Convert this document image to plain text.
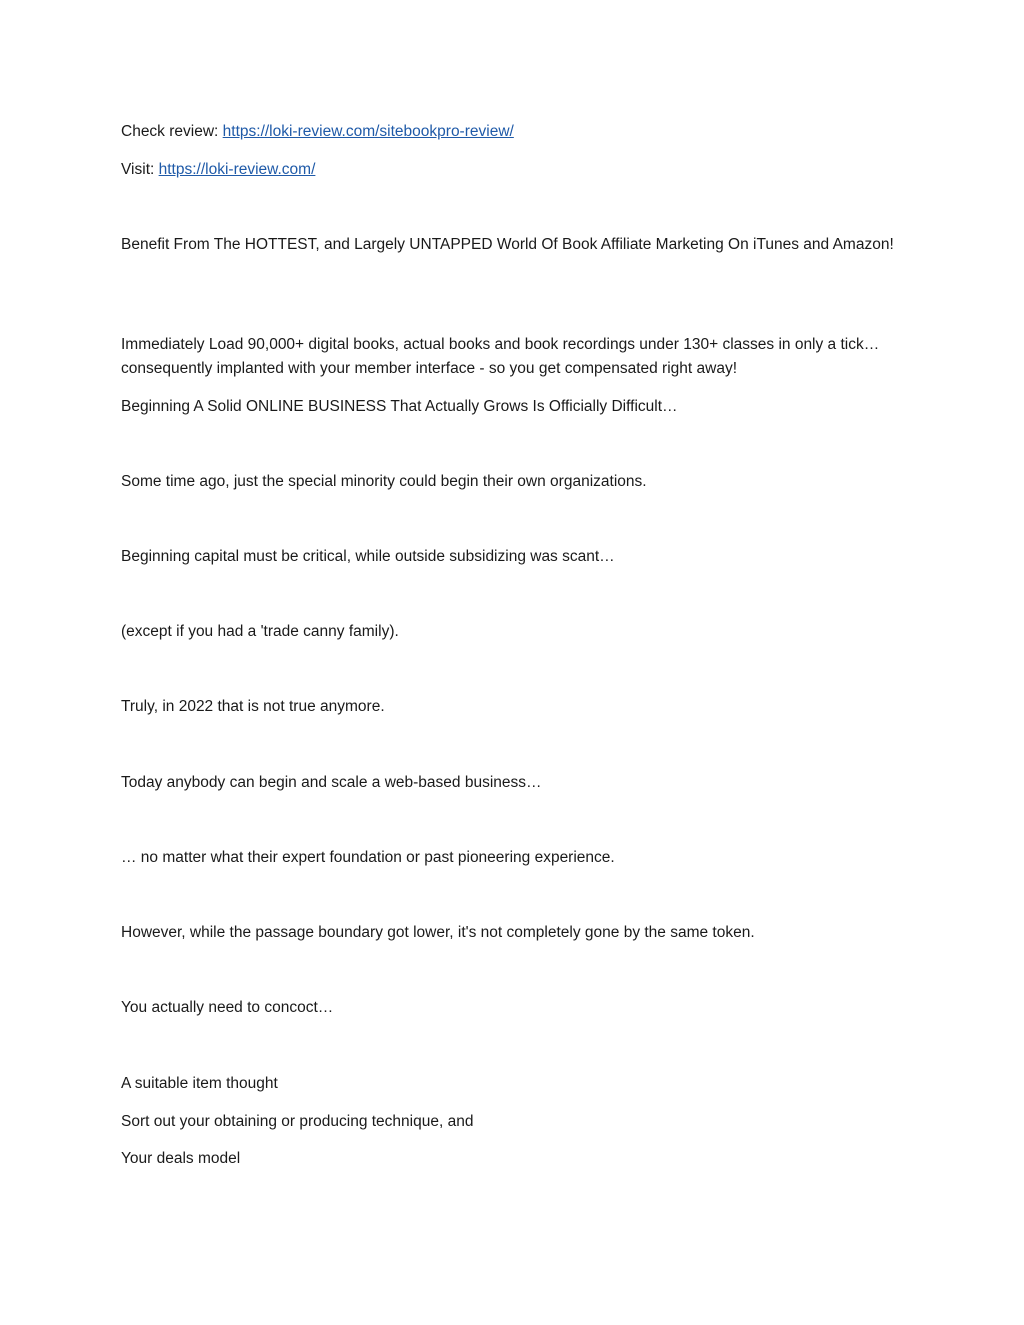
Check review: https://loki-review.com/sitebookpro-review/
Visit: https://loki-review.com/
Benefit From The HOTTEST, and Largely UNTAPPED World Of Book Affiliate Marketing On iTunes and Amazon!
Immediately Load 90,000+ digital books, actual books and book recordings under 130+ classes in only a tick… consequently implanted with your member interface - so you get compensated right away!
Beginning A Solid ONLINE BUSINESS That Actually Grows Is Officially Difficult…
Some time ago, just the special minority could begin their own organizations.
Beginning capital must be critical, while outside subsidizing was scant…
(except if you had a 'trade canny family).
Truly, in 2022 that is not true anymore.
Today anybody can begin and scale a web-based business…
… no matter what their expert foundation or past pioneering experience.
However, while the passage boundary got lower, it's not completely gone by the same token.
You actually need to concoct…
A suitable item thought
Sort out your obtaining or producing technique, and
Your deals model
